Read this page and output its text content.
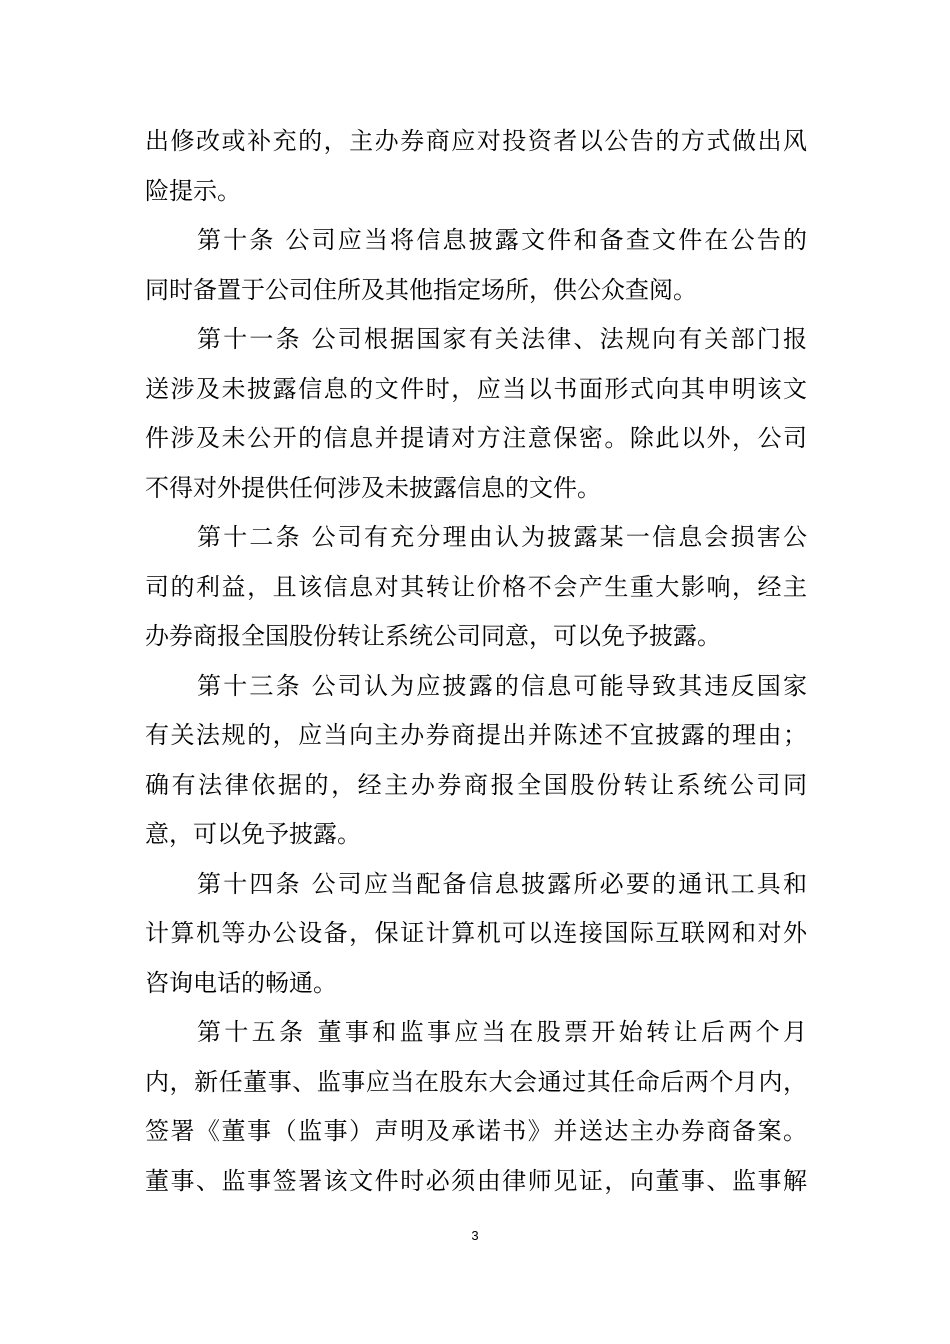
出修改或补充的，主办券商应对投资者以公告的方式做出风
险提示。
第十条 公司应当将信息披露文件和备查文件在公告的
同时备置于公司住所及其他指定场所，供公众查阅。
第十一条 公司根据国家有关法律、法规向有关部门报
送涉及未披露信息的文件时，应当以书面形式向其申明该文
件涉及未公开的信息并提请对方注意保密。除此以外，公司
不得对外提供任何涉及未披露信息的文件。
第十二条 公司有充分理由认为披露某一信息会损害公
司的利益，且该信息对其转让价格不会产生重大影响，经主
办券商报全国股份转让系统公司同意，可以免予披露。
第十三条 公司认为应披露的信息可能导致其违反国家
有关法规的，应当向主办券商提出并陈述不宜披露的理由；
确有法律依据的，经主办券商报全国股份转让系统公司同
意，可以免予披露。
第十四条 公司应当配备信息披露所必要的通讯工具和
计算机等办公设备，保证计算机可以连接国际互联网和对外
咨询电话的畅通。
第十五条 董事和监事应当在股票开始转让后两个月
内，新任董事、监事应当在股东大会通过其任命后两个月内，
签署《董事（监事）声明及承诺书》并送达主办券商备案。
董事、监事签署该文件时必须由律师见证，向董事、监事解
3
